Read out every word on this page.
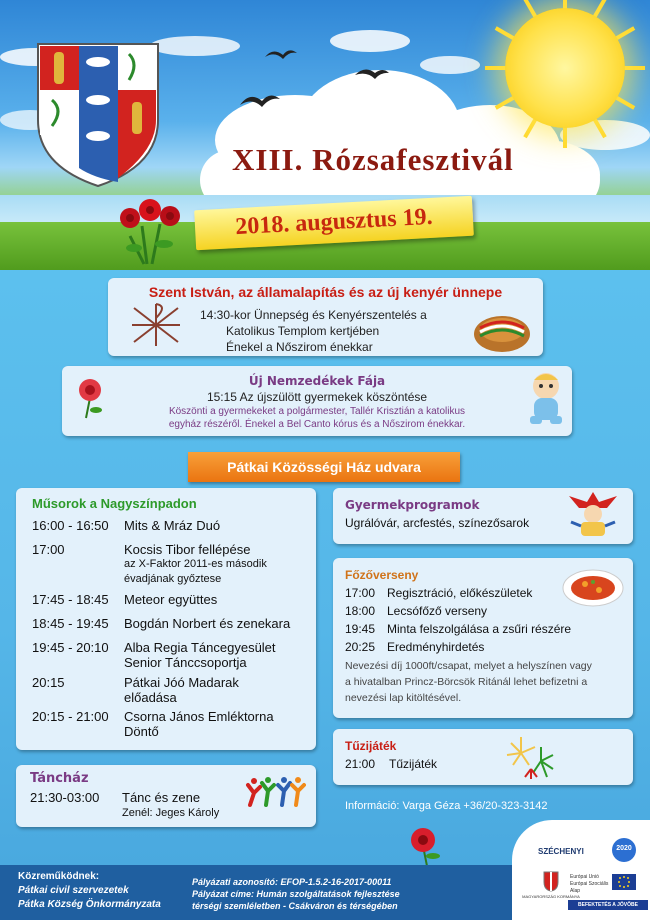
XIII. Rózsafesztivál
2018. augusztus 19.
Szent István, az államalapítás és az új kenyér ünnepe
14:30-kor Ünnepség és Kenyérszentelés a
Katolikus Templom kertjében
Énekel a Nőszirom énekkar
Új Nemzedékek Fája
15:15 Az újszülött gyermekek köszöntése
Köszönti a gyermekeket a polgármester, Tallér Krisztián a katolikus
egyház részéről. Énekel a Bel Canto kórus és a Nőszirom énekkar.
Pátkai Közösségi Ház udvara
Műsorok a Nagyszínpadon
16:00 - 16:50 Mits & Mráz Duó
17:00	Kocsis Tibor fellépése
az X-Faktor 2011-es második
évadjának győztese
17:45 - 18:45 Meteor együttes
18:45 - 19:45 Bogdán Norbert és zenekara
19:45 - 20:10 Alba Regia Táncegyesület
Senior Tánccsoportja
20:15	Pátkai Jóó Madarak
előadása
20:15 - 21:00 Csorna János Emléktorna
Döntő
Táncház
21:30-03:00 Tánc és zene
Zenél: Jeges Károly
Gyermekprogramok
Ugrálóvár, arcfestés, színezősarok
Főzőverseny
17:00 Regisztráció, előkészületek
18:00 Lecsófőző verseny
19:45 Minta felszolgálása a zsűri részére
20:25 Eredményhirdetés
Nevezési díj 1000ft/csapat, melyet a helyszínen vagy
a hivatalban Princz-Börcsök Ritánál lehet befizetni a
nevezési lap kitöltésével.
Tűzijáték
21:00 Tűzijáték
Információ: Varga Géza +36/20-323-3142
Közreműködnek:
Pátkai civil szervezetek
Pátka Község Önkormányzata
Pályázati azonosító: EFOP-1.5.2-16-2017-00011
Pályázat címe: Humán szolgáltatások fejlesztése
térségi szemléletben - Csákváron és térségében
SZÉCHENYI	2020
MAGYARORSZÁG KORMÁNYA
Európai Unió
Európai Szociális
Alap
BEFEKTETÉS A JÖVŐBE
